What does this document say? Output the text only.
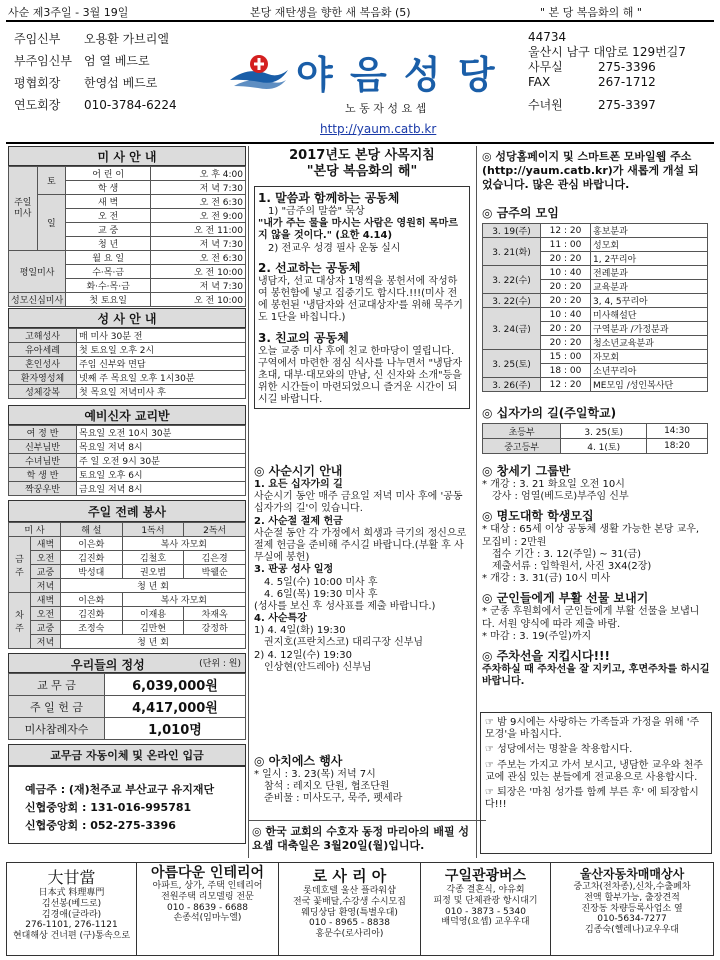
사순 제3주일 - 3월 19일	본당 재탄생을 향한 새 복음화 (5)	" 본 당 복음화의 해 "
주임신부 오용환 가브리엘
부주임신부 엄 열 베드로
평협회장 한영섭 베드로
연도회장 010-3784-6224
야 음 성 당
노 동 자 성 요 셉
http://yaum.catb.kr
44734
울산시 남구 대암로 129번길7
사무실	275-3396
FAX	267-1712
수녀원	275-3397
미 사 안 내
주일미사	토	어 린 이	오 후 4:00
		학 생	저 녁 7:30
	일	새 벽	오 전 6:30
		오 전	오 전 9:00
		교 중	오 전 11:00
		청 년	저 녁 7:30
평일미사		월 요 일	오 전 6:30
		수·목·금	오 전 10:00
		화·수·목·금	저 녁 7:30
성모신심미사		첫 토요일	오 전 10:00
성 사 안 내
고해성사	매 미사 30분 전
유아세례	첫 토요일 오후 2시
혼인성사	주임 신부와 면담
환자영성체	넷째 주 목요일 오후 1시30분
성체강복	첫 목요일 저녁미사 후
예비신자 교리반
여 정 반	목요일 오전 10시 30분
신부님반	목요일 저녁 8시
수녀님반	주 일 오전 9시 30분
학 생 반	토요일 오후 6시
짝꿍우반	금요일 저녁 8시
주일 전례 봉사
미 사		해 설	1독서	2독서
금 주	새벽	이은화	복사 자모회	
	오전	김진화	김철호	김은경
	교중	박성대	권오범	박웰순
	저녁	청 년 회		
차 주	새벽	이은화	복사 자모회	
	오전	김진화	이재용	차재옥
	교중	조정숙	김만현	강정하
	저녁	청 년 회		
우리들의 정성	(단위 : 원)
교 무 금	6,039,000원
주 일 헌 금	4,417,000원
미사참례자수	1,010명
교무금 자동이체 및 온라인 입금
예금주 : (재)천주교 부산교구 유지재단
신협중앙회 : 131-016-995781
신협중앙회 : 052-275-3396
2017년도 본당 사목지침
"본당 복음화의 해"
1. 말씀과 함께하는 공동체
1) "금주의 말씀" 묵상
"내가 주는 물을 마시는 사람은 영원히 목마르지 않을 것이다." (요한 4.14)
2) 전교우 성경 필사 운동 실시
2. 선교하는 공동체
냉담자, 선교 대상자 1명씩을 봉헌서에 작성하여 봉헌함에 넣고 집중기도 합시다.!!!(미사 전에 봉헌된 '냉담자와 선교대상자'를 위해 묵주기도 1단을 바칩니다.)
3. 친교의 공동체
오늘 교중 미사 후에 친교 한마당이 열립니다. 구역에서 마련한 점심 식사를 나누면서 "냉담자 초대, 대부·대모와의 만남, 신 신자와 소개"등을 위한 시간들이 마련되었으니 즐거운 시간이 되시길 바랍니다.
◎ 사순시기 안내
1. 요든 십자가의 길
사순시기 동안 매주 금요일 저녁 미사 후에 '공동 십자가의 길'이 있습니다.
2. 사순절 절제 헌금
사순절 동안 각 가정에서 희생과 극기의 정신으로 절제 헌금을 준비해 주시길 바랍니다.(부활 후 사무실에 봉헌)
3. 판공 성사 일정
4. 5일(수) 10:00 미사 후
4. 6일(목) 19:30 미사 후
(성사를 보신 후 성사표를 제출 바랍니다.)
4. 사순특강
1) 4. 4일(화) 19:30
권지호(프란치스코) 대리구장 신부님
2) 4. 12일(수) 19:30
인상현(안드레아) 신부님
◎ 아치에스 행사
* 일시 : 3. 23(목) 저녁 7시
참석 : 레지오 단원, 협조단원
준비물 : 미사도구, 묵주, 펫세라
◎ 한국 교회의 수호자 동정 마리아의 배필 성 요셉 대축일은 3월20일(월)입니다.
◎ 성당홈페이지 및 스마트폰 모바일웹 주소(http://yaum.catb.kr)가 새롭게 개설 되었습니다. 많은 관심 바랍니다.
◎ 금주의 모임
3. 19(주)	12 : 20	홍보분과
3. 21(화)	11 : 00	성모회
	20 : 20	1, 2꾸리아
3. 22(수)	10 : 40	전례분과
	20 : 20	교육분과
3. 22(수)	20 : 20	3, 4, 5꾸리아
3. 24(금)	10 : 40	미사해설단
	20 : 20	구역분과 /가정분과
	20 : 20	청소년교육분과
3. 25(토)	15 : 00	자모회
	18 : 00	소년꾸리아
3. 26(주)	12 : 20	ME모임 /성인복사단
◎ 십자가의 길(주일학교)
초등부	3. 25(토)	14:30
중고등부	4. 1(토)	18:20
◎ 창세기 그룹반
* 개강 : 3. 21 화요일 오전 10시
강사 : 엄열(베드로)부주임 신부
◎ 명도대학 학생모집
* 대상 : 65세 이상 공동체 생활 가능한 본당 교우, 모집비 : 2만원
접수 기간 : 3. 12(주일) ~ 31(금)
제출서류 : 입학원서, 사진 3X4(2장)
* 개강 : 3. 31(금) 10시 미사
◎ 군인들에게 부활 선물 보내기
* 군종 후원회에서 군인들에게 부활 선물을 보냅니다. 서원 양식에 따라 제출 바람.
* 마감 : 3. 19(주일)까지
◎ 주차선을 지킵시다!!!
주차하실 때 주차선을 잘 지키고, 후면주차를 하시길 바랍니다.
☞ 밤 9시에는 사랑하는 가족들과 가정을 위해 '주모경'을 바칩시다.
☞ 성당에서는 명찰을 착용합시다.
☞ 주보는 가지고 가서 보시고, 냉담한 교우와 천주교에 관심 있는 분들에게 전교용으로 사용합시다.
☞ 퇴장은 '마침 성가를 함께 부른 후' 에 퇴장합시다!!!
大甘當
日本式 料理專門
김선봉(베드로)
김경애(글라라)
276-1101, 276-1121
현대해상 건너편 (구)통속으로
아름다운 인테리어
아파트, 상가, 주택 인테리어
전원주택 리모델링 전문
010 - 8639 - 6688
손종석(임마누엘)
로 사 리 아
롯데호텔 울산 플라워샵
전국 꽃배달,수강생 수시모집
웨딩상담 환영(특별우대)
010 - 8965 - 8838
홍문수(로사리아)
구일관광버스
각종 결혼식, 야유회
피정 및 단체관광 항시대기
010 - 3873 - 5340
배덕영(요셉) 교우우대
울산자동차매매상사
중고차(전차종),신차,수출폐차
전액 할부가능, 출장견적
진장동 차량등록사업소 옆
010-5634-7277
김종숙(헬레나)교우우대
